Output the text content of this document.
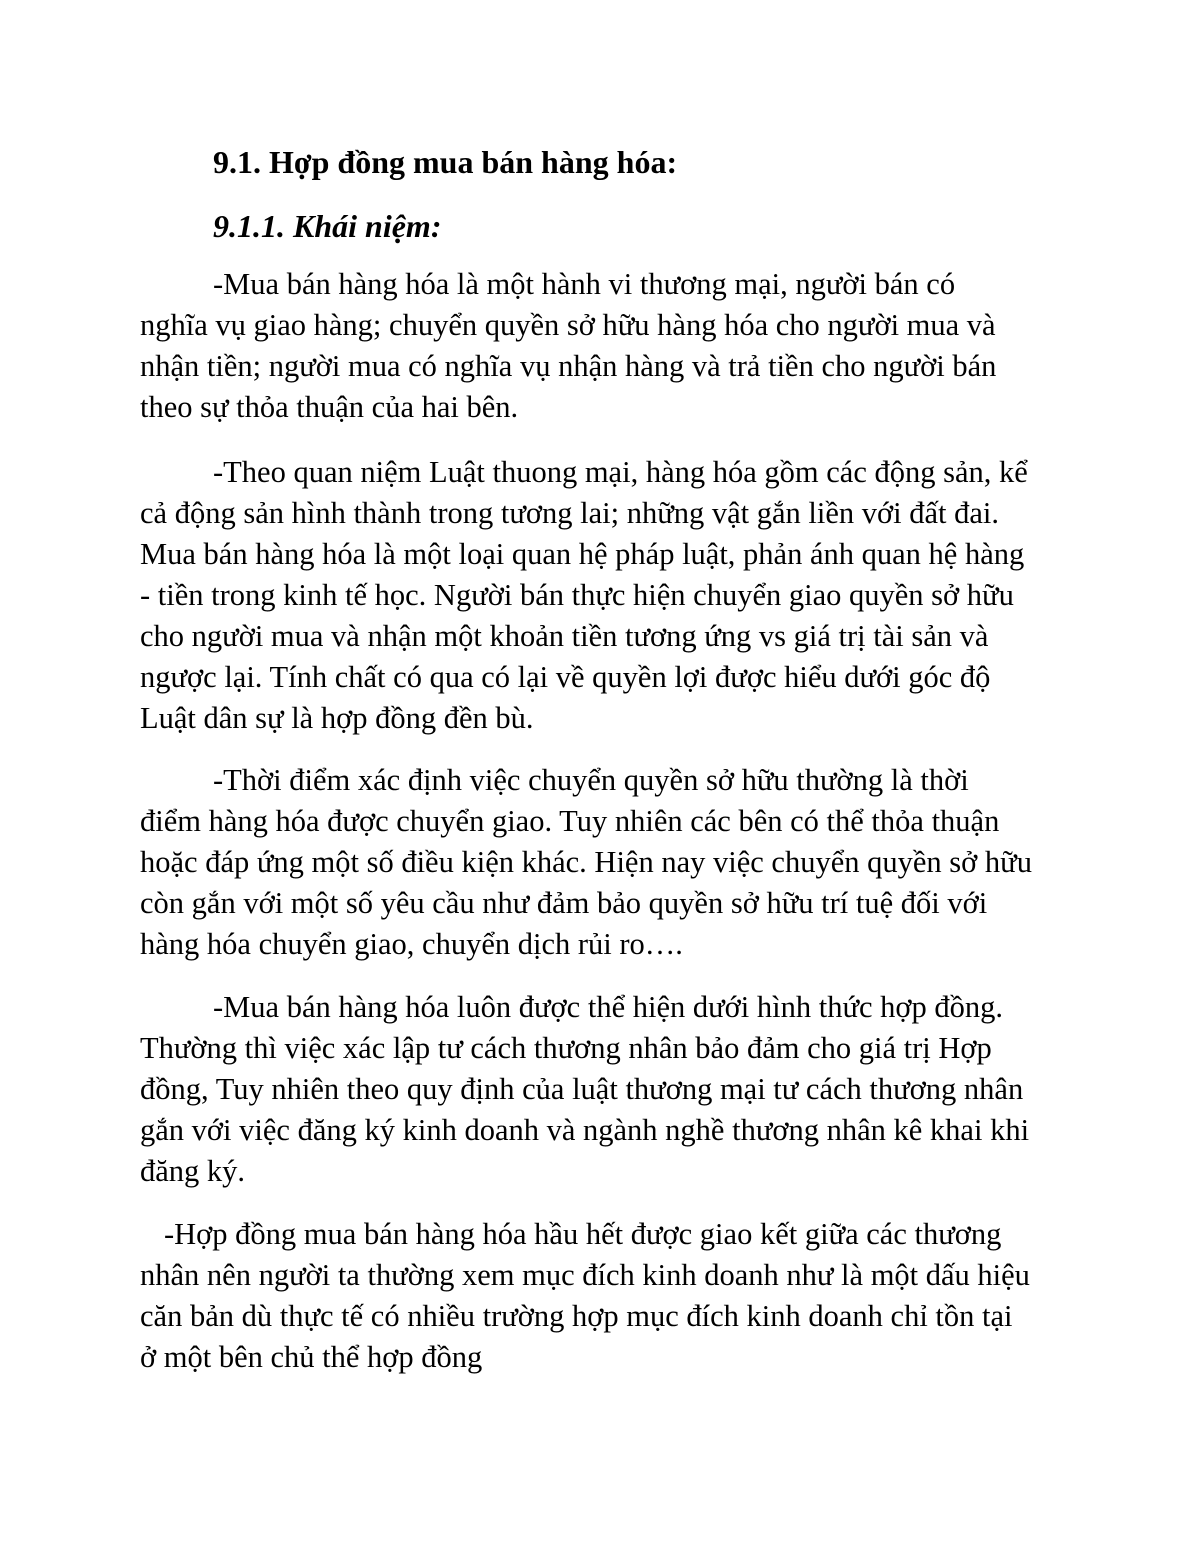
9.1. Hợp đồng mua bán hàng hóa:
9.1.1. Khái niệm:

-Mua bán hàng hóa là một hành vi thương mại, người bán có
nghĩa vụ giao hàng; chuyển quyền sở hữu hàng hóa cho người mua và
nhận tiền; người mua có nghĩa vụ nhận hàng và trả tiền cho người bán
theo sự thỏa thuận của hai bên.

-Theo quan niệm Luật thuong mại, hàng hóa gồm các động sản, kể
cả động sản hình thành trong tương lai; những vật gắn liền với đất đai.
Mua bán hàng hóa là một loại quan hệ pháp luật, phản ánh quan hệ hàng
- tiền trong kinh tế học. Người bán thực hiện chuyển giao quyền sở hữu
cho người mua và nhận một khoản tiền tương ứng vs giá trị tài sản và
ngược lại. Tính chất có qua có lại về quyền lợi được hiểu dưới góc độ
Luật dân sự là hợp đồng đền bù.

-Thời điểm xác định việc chuyển quyền sở hữu thường là thời
điểm hàng hóa được chuyển giao. Tuy nhiên các bên có thể thỏa thuận
hoặc đáp ứng một số điều kiện khác. Hiện nay việc chuyển quyền sở hữu
còn gắn với một số yêu cầu như đảm bảo quyền sở hữu trí tuệ đối với
hàng hóa chuyển giao, chuyển dịch rủi ro….

-Mua bán hàng hóa luôn được thể hiện dưới hình thức hợp đồng.
Thường thì việc xác lập tư cách thương nhân bảo đảm cho giá trị Hợp
đồng, Tuy nhiên theo quy định của luật thương mại tư cách thương nhân
gắn với việc đăng ký kinh doanh và ngành nghề thương nhân kê khai khi
đăng ký.

-Hợp đồng mua bán hàng hóa hầu hết được giao kết giữa các thương
nhân nên người ta thường xem mục đích kinh doanh như là một dấu hiệu
căn bản dù thực tế có nhiều trường hợp mục đích kinh doanh chỉ tồn tại
ở một bên chủ thể hợp đồng
